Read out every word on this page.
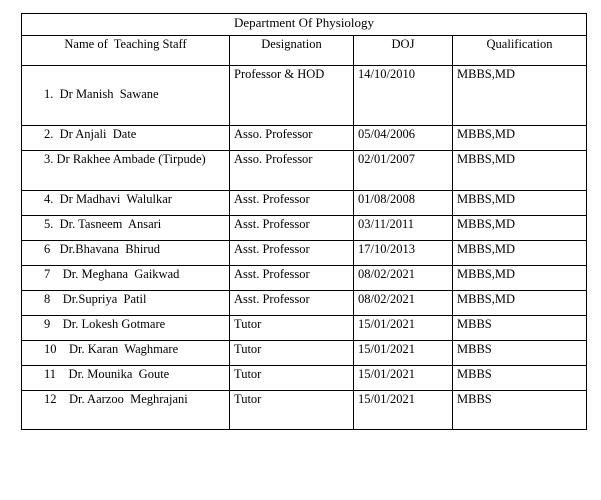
Department Of Physiology			
Name of  Teaching Staff	Designation	DOJ	Qualification
1.  Dr Manish  Sawane	Professor & HOD	14/10/2010	MBBS,MD
2.  Dr Anjali  Date	Asso. Professor	05/04/2006	MBBS,MD
3. Dr Rakhee Ambade (Tirpude)	Asso. Professor	02/01/2007	MBBS,MD
4.  Dr Madhavi  Walulkar	Asst. Professor	01/08/2008	MBBS,MD
5.  Dr. Tasneem  Ansari	Asst. Professor	03/11/2011	MBBS,MD
6   Dr.Bhavana  Bhirud	Asst. Professor	17/10/2013	MBBS,MD
7    Dr. Meghana  Gaikwad	Asst. Professor	08/02/2021	MBBS,MD
8    Dr.Supriya  Patil	Asst. Professor	08/02/2021	MBBS,MD
9    Dr. Lokesh Gotmare	Tutor	15/01/2021	MBBS
10    Dr. Karan  Waghmare	Tutor	15/01/2021	MBBS
11    Dr. Mounika  Goute	Tutor	15/01/2021	MBBS
12    Dr. Aarzoo  Meghrajani	Tutor	15/01/2021	MBBS
